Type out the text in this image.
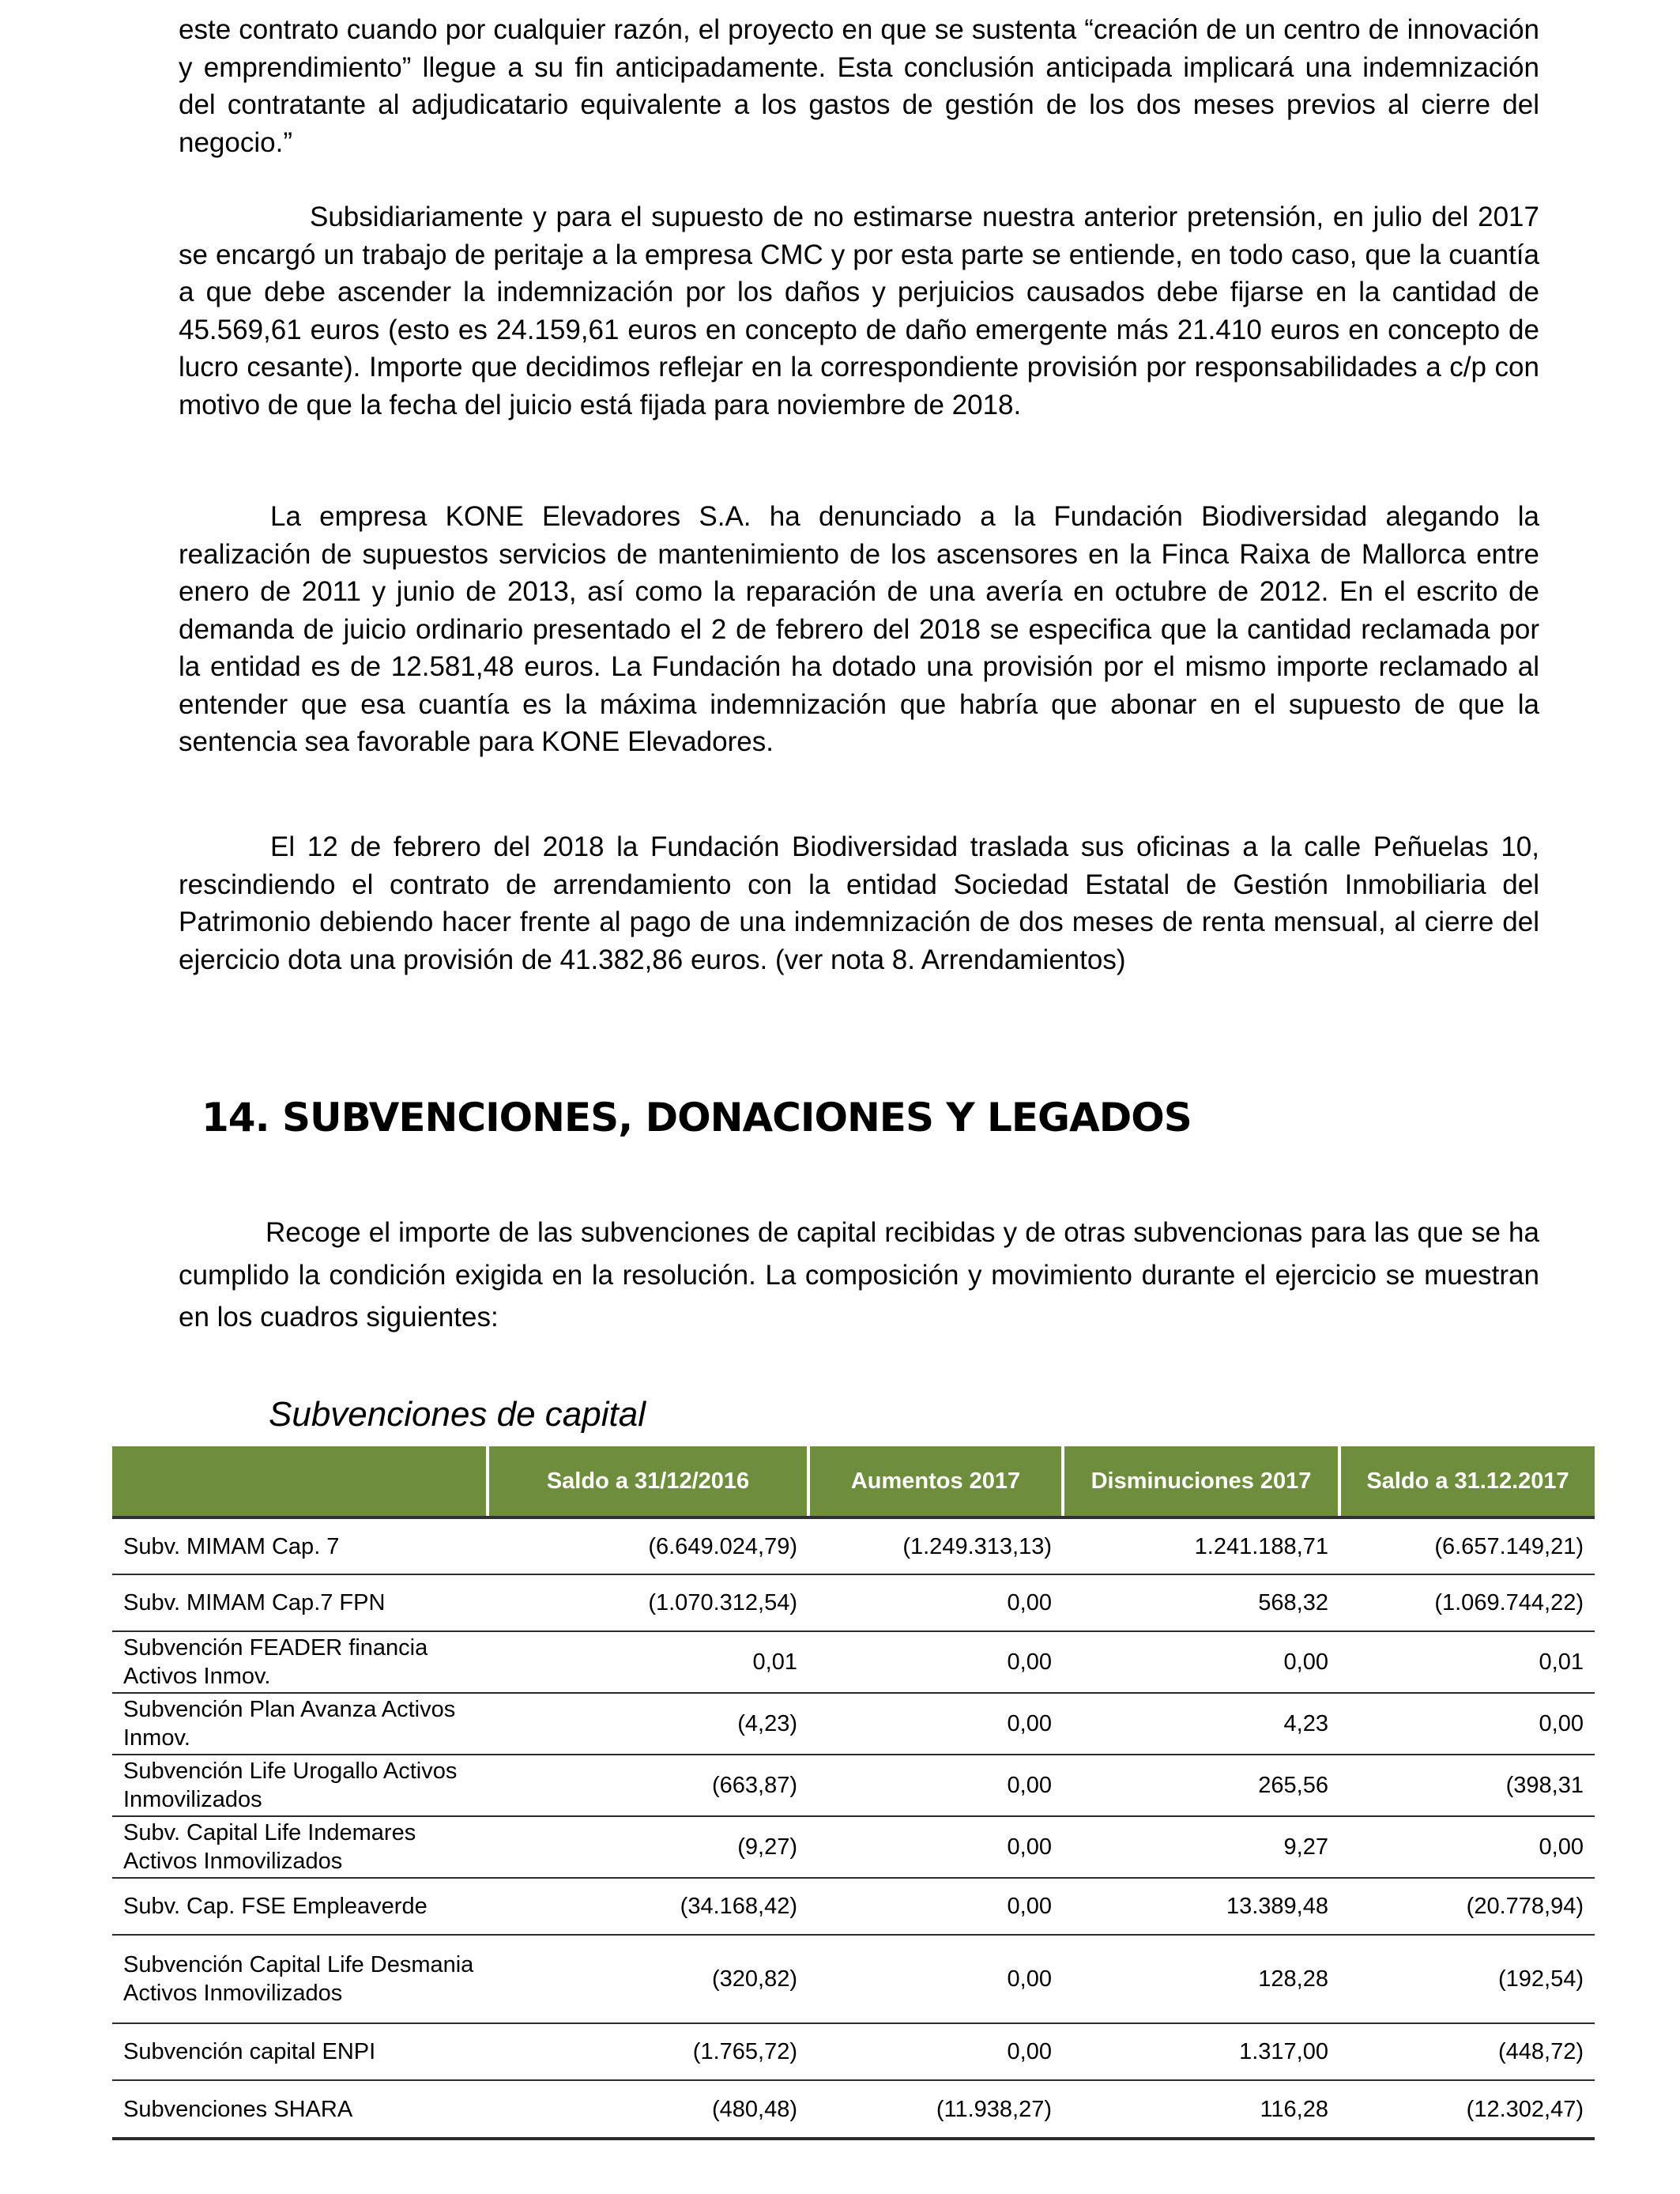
este contrato cuando por cualquier razón, el proyecto en que se sustenta “creación de un centro de innovación y emprendimiento” llegue a su fin anticipadamente. Esta conclusión anticipada implicará una indemnización del contratante al adjudicatario equivalente a los gastos de gestión de los dos meses previos al cierre del negocio.”

Subsidiariamente y para el supuesto de no estimarse nuestra anterior pretensión, en julio del 2017 se encargó un trabajo de peritaje a la empresa CMC y por esta parte se entiende, en todo caso, que la cuantía a que debe ascender la indemnización por los daños y perjuicios causados debe fijarse en la cantidad de 45.569,61 euros (esto es 24.159,61 euros en concepto de daño emergente más 21.410 euros en concepto de lucro cesante). Importe que decidimos reflejar en la correspondiente provisión por responsabilidades a c/p con motivo de que la fecha del juicio está fijada para noviembre de 2018.

La empresa KONE Elevadores S.A. ha denunciado a la Fundación Biodiversidad alegando la realización de supuestos servicios de mantenimiento de los ascensores en la Finca Raixa de Mallorca entre enero de 2011 y junio de 2013, así como la reparación de una avería en octubre de 2012. En el escrito de demanda de juicio ordinario presentado el 2 de febrero del 2018 se especifica que la cantidad reclamada por la entidad es de 12.581,48 euros. La Fundación ha dotado una provisión por el mismo importe reclamado al entender que esa cuantía es la máxima indemnización que habría que abonar en el supuesto de que la sentencia sea favorable para KONE Elevadores.

El 12 de febrero del 2018 la Fundación Biodiversidad traslada sus oficinas a la calle Peñuelas 10, rescindiendo el contrato de arrendamiento con la entidad Sociedad Estatal de Gestión Inmobiliaria del Patrimonio debiendo hacer frente al pago de una indemnización de dos meses de renta mensual, al cierre del ejercicio dota una provisión de 41.382,86 euros. (ver nota 8. Arrendamientos)

14. SUBVENCIONES, DONACIONES Y LEGADOS

Recoge el importe de las subvenciones de capital recibidas y de otras subvencionas para las que se ha cumplido la condición exigida en la resolución. La composición y movimiento durante el ejercicio se muestran en los cuadros siguientes:

Subvenciones de capital

	Saldo a 31/12/2016	Aumentos 2017	Disminuciones 2017	Saldo a 31.12.2017
Subv. MIMAM Cap. 7	(6.649.024,79)	(1.249.313,13)	1.241.188,71	(6.657.149,21)
Subv. MIMAM Cap.7 FPN	(1.070.312,54)	0,00	568,32	(1.069.744,22)
Subvención FEADER financia Activos Inmov.	0,01	0,00	0,00	0,01
Subvención Plan Avanza Activos Inmov.	(4,23)	0,00	4,23	0,00
Subvención Life Urogallo Activos Inmovilizados	(663,87)	0,00	265,56	(398,31
Subv. Capital Life Indemares Activos Inmovilizados	(9,27)	0,00	9,27	0,00
Subv. Cap. FSE Empleaverde	(34.168,42)	0,00	13.389,48	(20.778,94)
Subvención Capital Life Desmania Activos Inmovilizados	(320,82)	0,00	128,28	(192,54)
Subvención capital ENPI	(1.765,72)	0,00	1.317,00	(448,72)
Subvenciones SHARA	(480,48)	(11.938,27)	116,28	(12.302,47)
